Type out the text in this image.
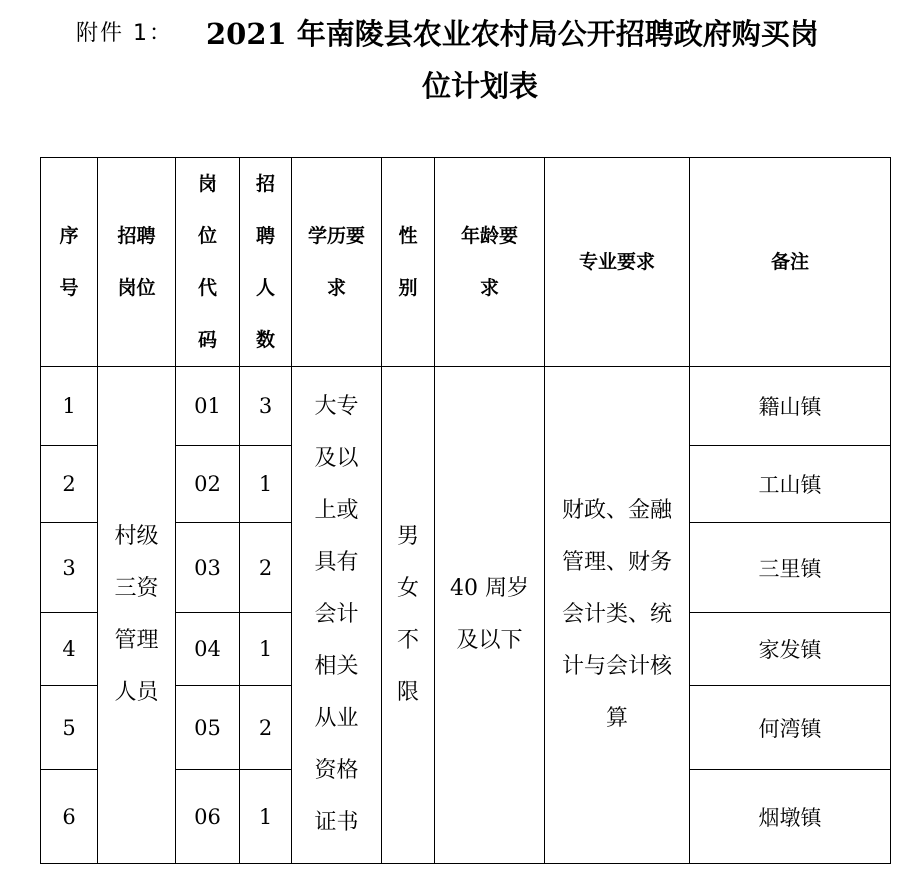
附件 1： 2021 年南陵县农业农村局公开招聘政府购买岗
位计划表
序号	招聘岗位	岗位代码	招聘人数	学历要求	性别	年龄要求	专业要求	备注
1	村级三资管理人员	01	3	大专及以上或具有会计相关从业资格证书	男女不限	40 周岁及以下	财政、金融管理、财务会计类、统计与会计核算	籍山镇
2		02	1					工山镇
3		03	2					三里镇
4		04	1					家发镇
5		05	2					何湾镇
6		06	1					烟墩镇
